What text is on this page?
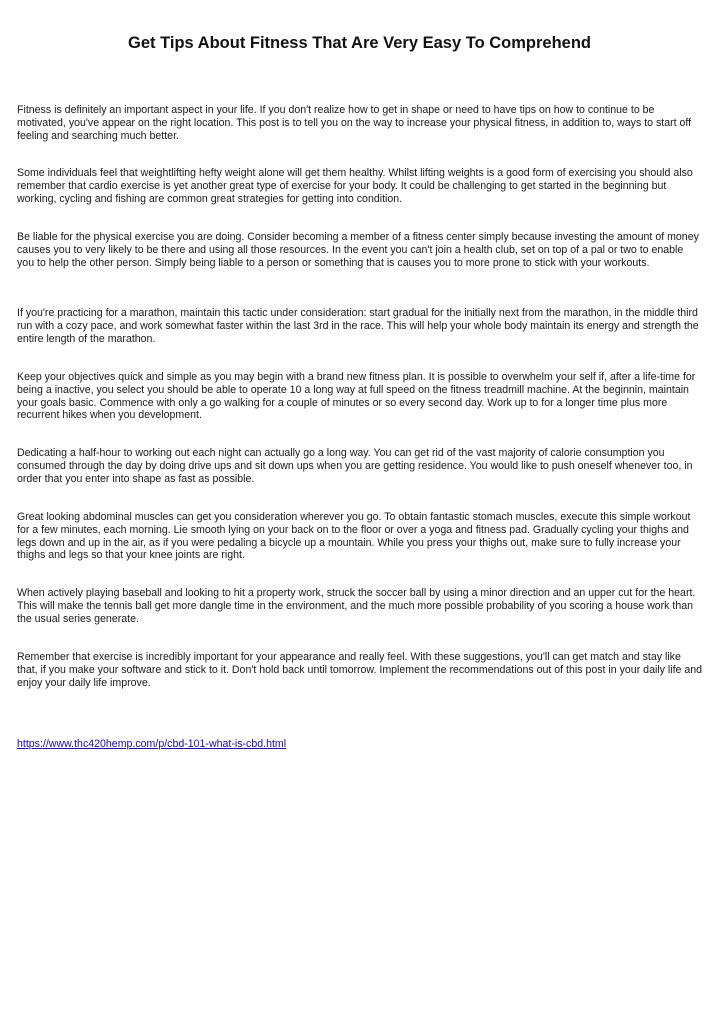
Get Tips About Fitness That Are Very Easy To Comprehend

Fitness is definitely an important aspect in your life. If you don't realize how to get in shape or need to have tips on how to continue to be motivated, you've appear on the right location. This post is to tell you on the way to increase your physical fitness, in addition to, ways to start off feeling and searching much better.

Some individuals feel that weightlifting hefty weight alone will get them healthy. Whilst lifting weights is a good form of exercising you should also remember that cardio exercise is yet another great type of exercise for your body. It could be challenging to get started in the beginning but working, cycling and fishing are common great strategies for getting into condition.

Be liable for the physical exercise you are doing. Consider becoming a member of a fitness center simply because investing the amount of money causes you to very likely to be there and using all those resources. In the event you can't join a health club, set on top of a pal or two to enable you to help the other person. Simply being liable to a person or something that is causes you to more prone to stick with your workouts.

If you're practicing for a marathon, maintain this tactic under consideration: start gradual for the initially next from the marathon, in the middle third run with a cozy pace, and work somewhat faster within the last 3rd in the race. This will help your whole body maintain its energy and strength the entire length of the marathon.

Keep your objectives quick and simple as you may begin with a brand new fitness plan. It is possible to overwhelm your self if, after a life-time for being a inactive, you select you should be able to operate 10 a long way at full speed on the fitness treadmill machine. At the beginnin, maintain your goals basic. Commence with only a go walking for a couple of minutes or so every second day. Work up to for a longer time plus more recurrent hikes when you development.

Dedicating a half-hour to working out each night can actually go a long way. You can get rid of the vast majority of calorie consumption you consumed through the day by doing drive ups and sit down ups when you are getting residence. You would like to push oneself whenever too, in order that you enter into shape as fast as possible.

Great looking abdominal muscles can get you consideration wherever you go. To obtain fantastic stomach muscles, execute this simple workout for a few minutes, each morning. Lie smooth lying on your back on to the floor or over a yoga and fitness pad. Gradually cycling your thighs and legs down and up in the air, as if you were pedaling a bicycle up a mountain. While you press your thighs out, make sure to fully increase your thighs and legs so that your knee joints are right.

When actively playing baseball and looking to hit a property work, struck the soccer ball by using a minor direction and an upper cut for the heart. This will make the tennis ball get more dangle time in the environment, and the much more possible probability of you scoring a house work than the usual series generate.

Remember that exercise is incredibly important for your appearance and really feel. With these suggestions, you'll can get match and stay like that, if you make your software and stick to it. Don't hold back until tomorrow. Implement the recommendations out of this post in your daily life and enjoy your daily life improve.

https://www.thc420hemp.com/p/cbd-101-what-is-cbd.html
